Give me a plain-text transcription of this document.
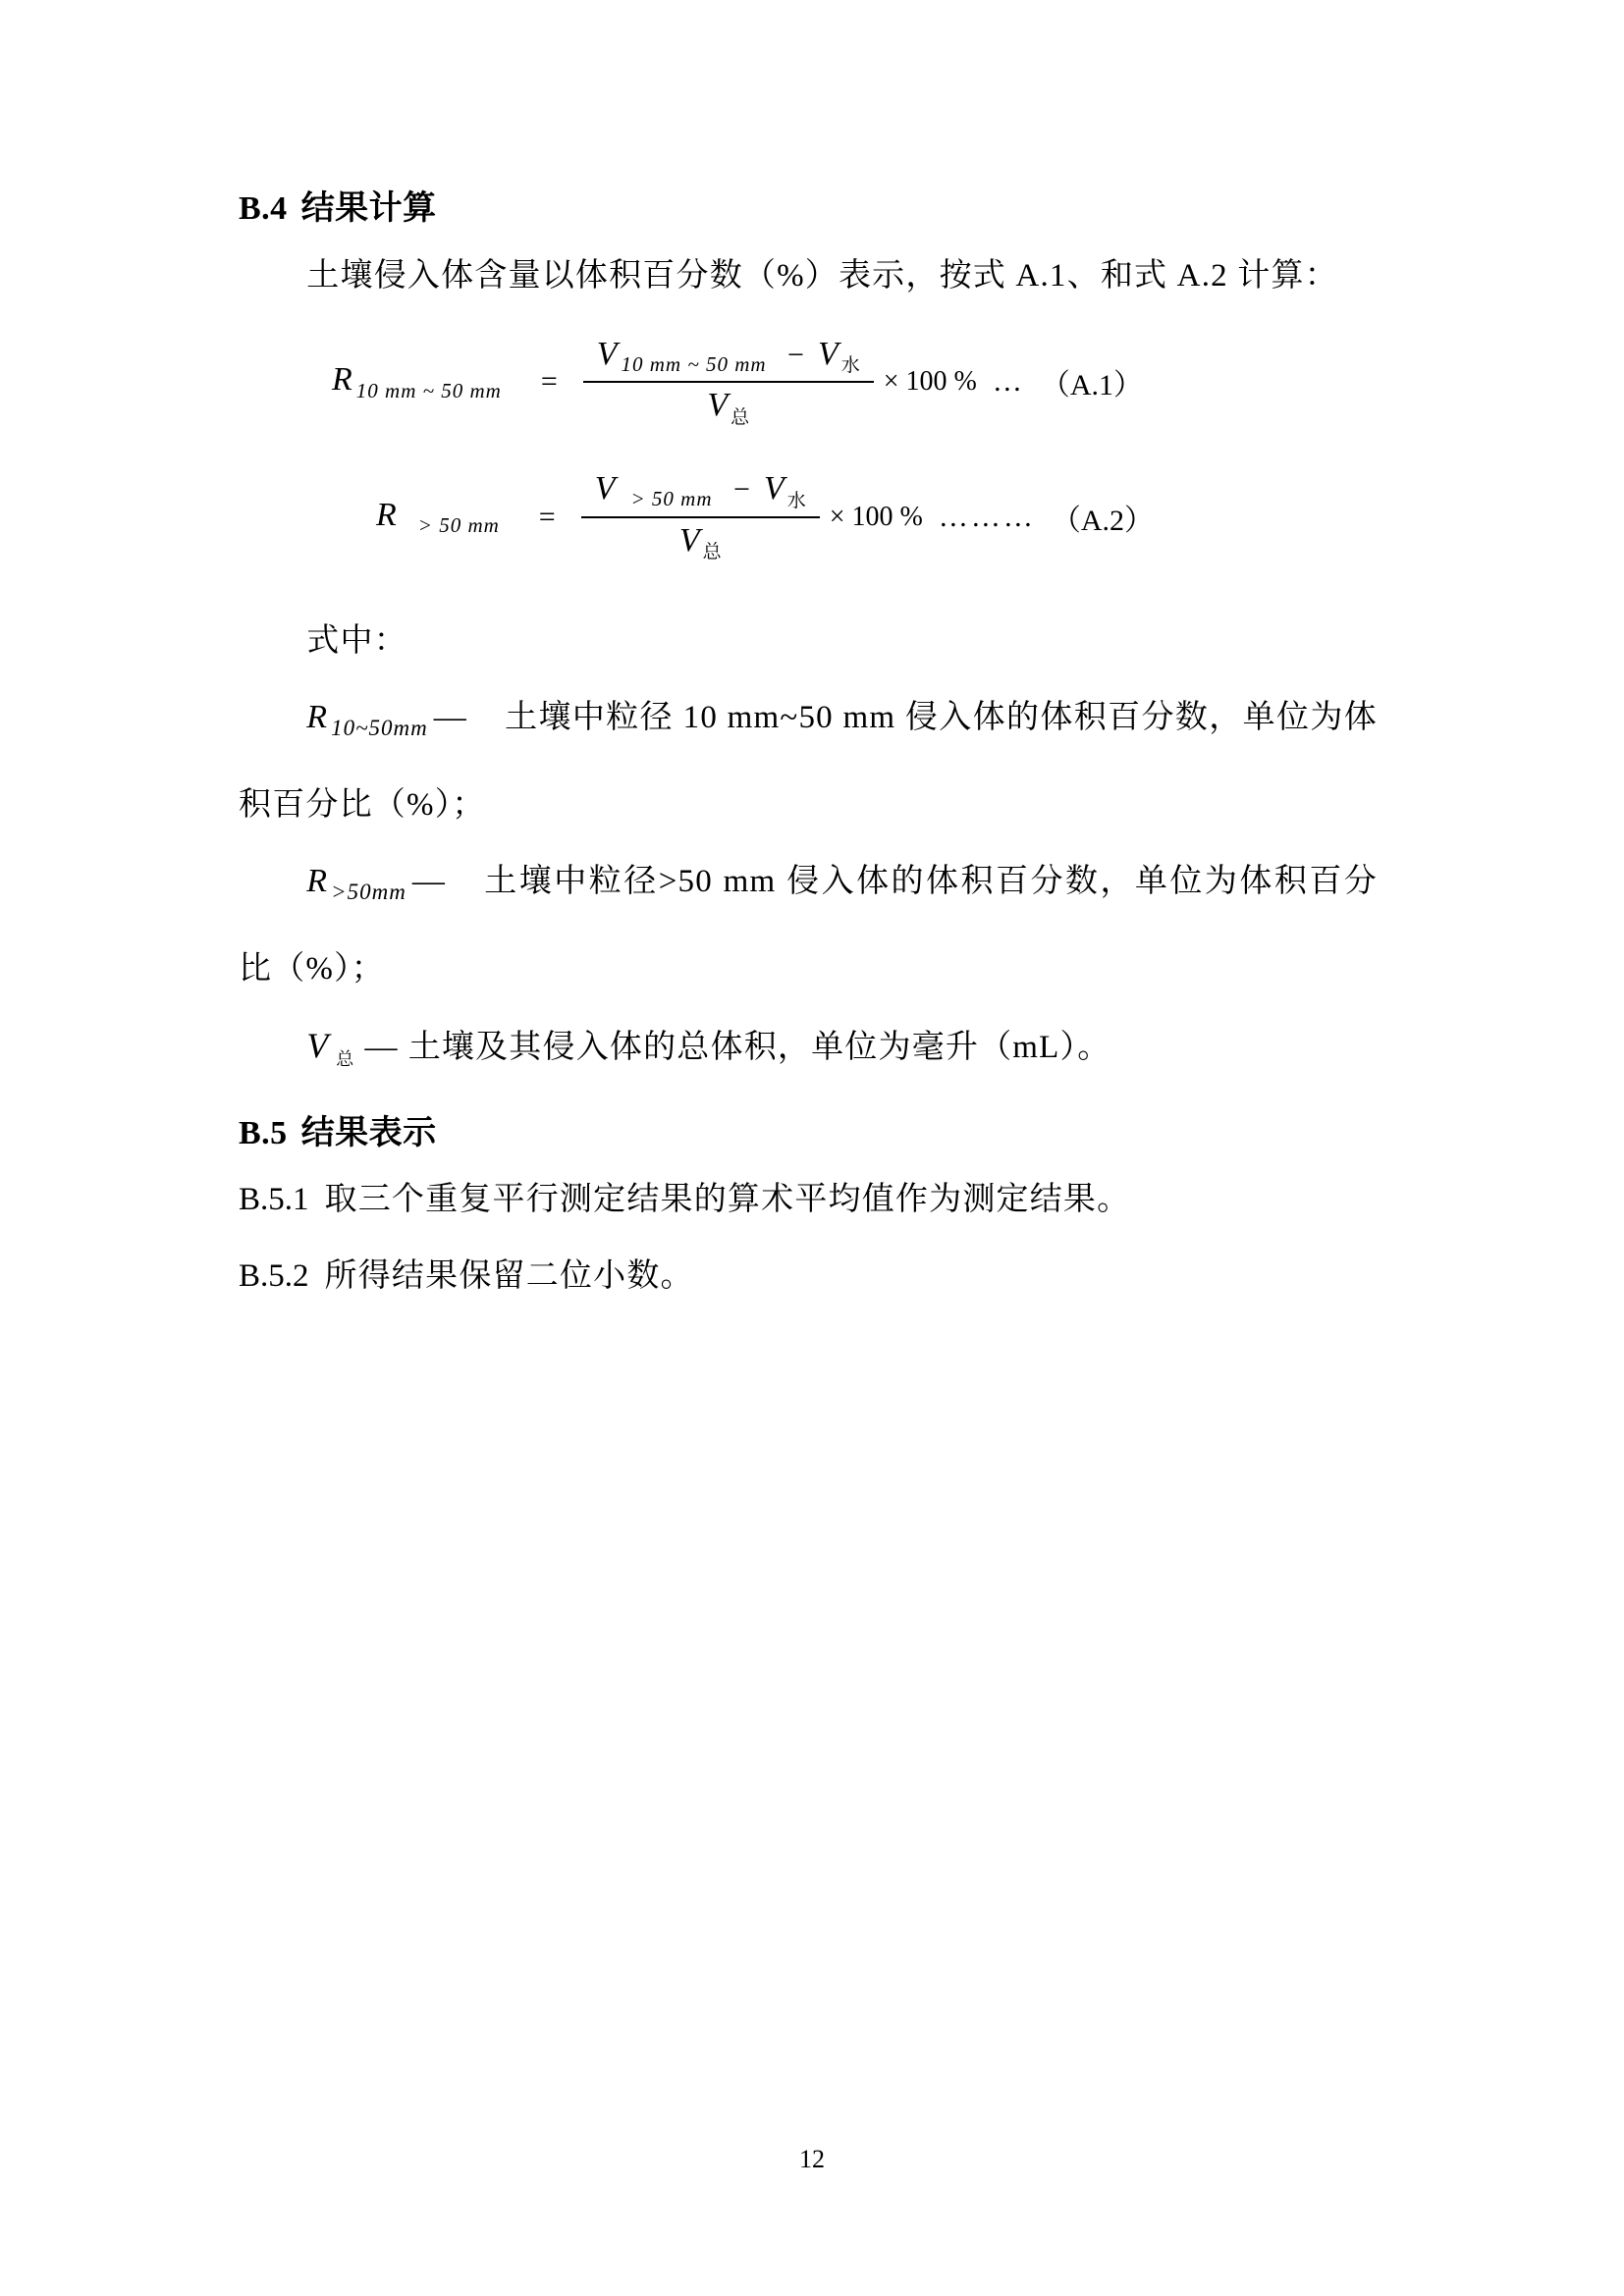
B.4 结果计算

土壤侵入体含量以体积百分数（%）表示，按式 A.1、和式 A.2 计算：

R $_{10 mm \sim 50 mm} = \frac{V _{10 mm \sim 50 mm} - V _水}{V _总} \times 100$ % … （A.1）
R $_{> 50 mm} = \frac{V _{> 50 mm} - V _水}{V _总} \times 100$ % ……… （A.2）

式中：

R $_{10\sim 50mm}$ — 土壤中粒径 10 mm~50 mm 侵入体的体积百分数，单位为体积百分比（%）；

R $_{>50mm}$ — 土壤中粒径>50 mm 侵入体的体积百分数，单位为体积百分比（%）；

V $_总$ — 土壤及其侵入体的总体积，单位为毫升（mL）。

B.5 结果表示

B.5.1 取三个重复平行测定结果的算术平均值作为测定结果。

B.5.2 所得结果保留二位小数。

12
